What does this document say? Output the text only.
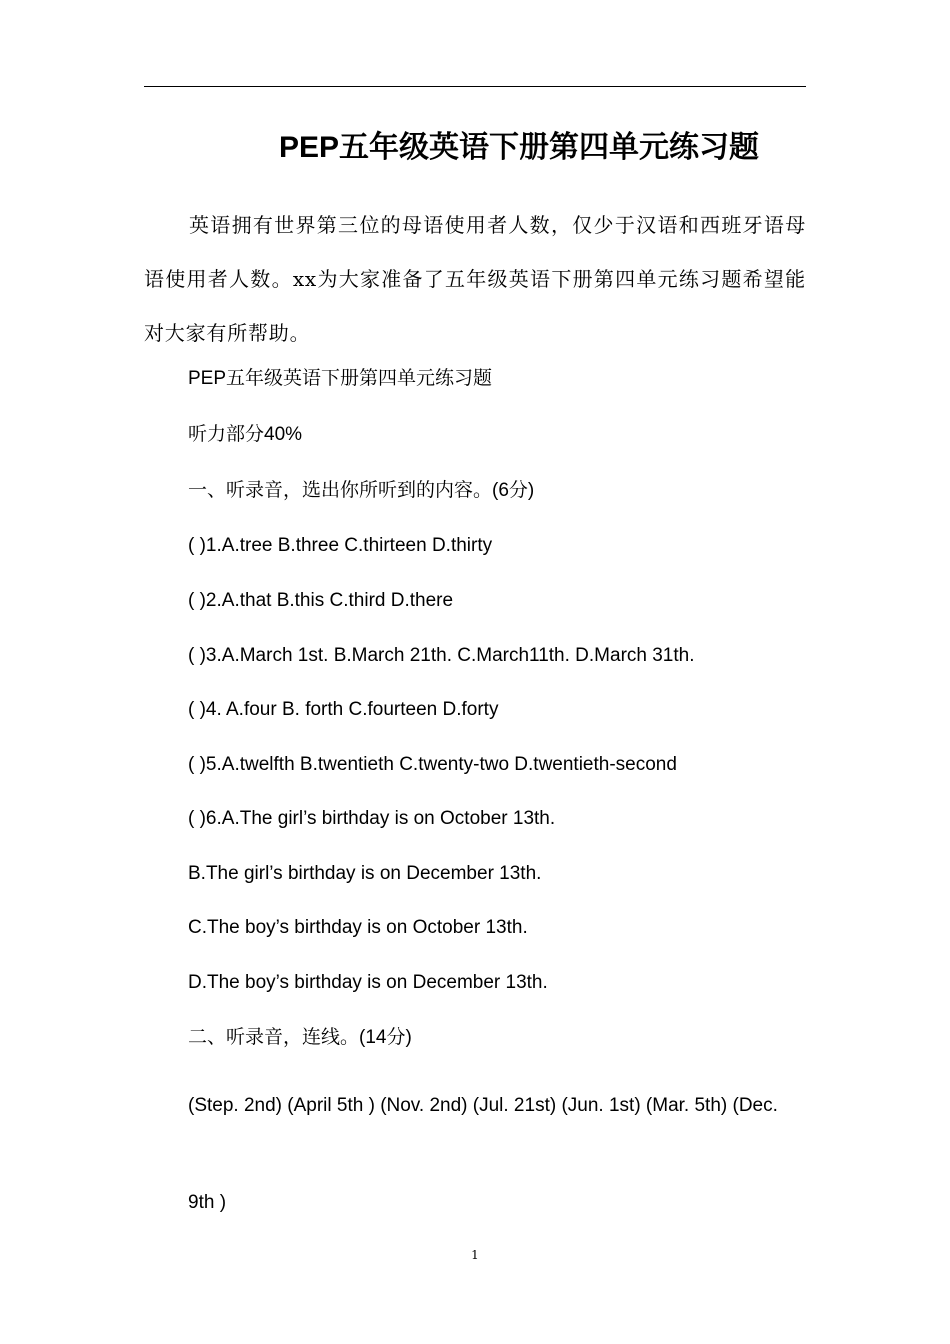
PEP五年级英语下册第四单元练习题
英语拥有世界第三位的母语使用者人数，仅少于汉语和西班牙语母语使用者人数。xx为大家准备了五年级英语下册第四单元练习题希望能对大家有所帮助。
PEP五年级英语下册第四单元练习题
听力部分40%
一、听录音，选出你所听到的内容。(6分)
( )1.A.tree B.three C.thirteen D.thirty
( )2.A.that B.this C.third D.there
( )3.A.March 1st. B.March 21th. C.March11th. D.March 31th.
( )4. A.four B. forth C.fourteen D.forty
( )5.A.twelfth B.twentieth C.twenty-two D.twentieth-second
( )6.A.The girl’s birthday is on October 13th.
B.The girl’s birthday is on December 13th.
C.The boy’s birthday is on October 13th.
D.The boy’s birthday is on December 13th.
二、听录音，连线。(14分)
(Step. 2nd) (April 5th ) (Nov. 2nd) (Jul. 21st) (Jun. 1st) (Mar. 5th) (Dec.
9th )
1
